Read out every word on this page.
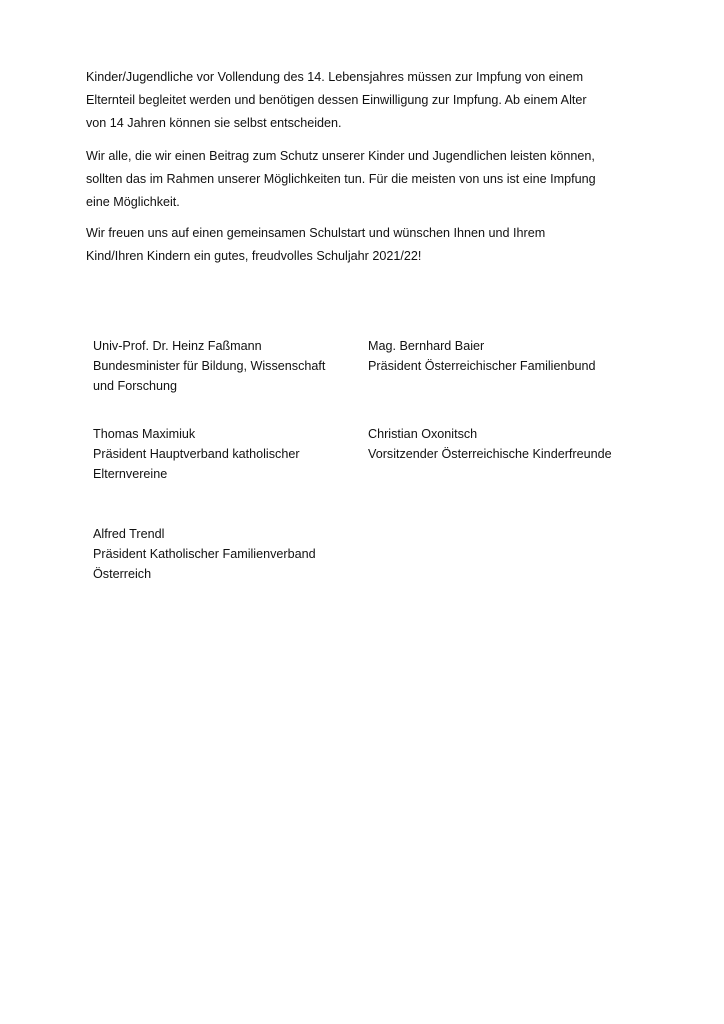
Kinder/Jugendliche vor Vollendung des 14. Lebensjahres müssen zur Impfung von einem
Elternteil begleitet werden und benötigen dessen Einwilligung zur Impfung. Ab einem Alter
von 14 Jahren können sie selbst entscheiden.

Wir alle, die wir einen Beitrag zum Schutz unserer Kinder und Jugendlichen leisten können,
sollten das im Rahmen unserer Möglichkeiten tun. Für die meisten von uns ist eine Impfung
eine Möglichkeit.

Wir freuen uns auf einen gemeinsamen Schulstart und wünschen Ihnen und Ihrem
Kind/Ihren Kindern ein gutes, freudvolles Schuljahr 2021/22!

Univ-Prof. Dr. Heinz Faßmann
Bundesminister für Bildung, Wissenschaft
und Forschung
Mag. Bernhard Baier
Präsident Österreichischer Familienbund
Thomas Maximiuk
Präsident Hauptverband katholischer
Elternvereine
Christian Oxonitsch
Vorsitzender Österreichische Kinderfreunde
Alfred Trendl
Präsident Katholischer Familienverband
Österreich
